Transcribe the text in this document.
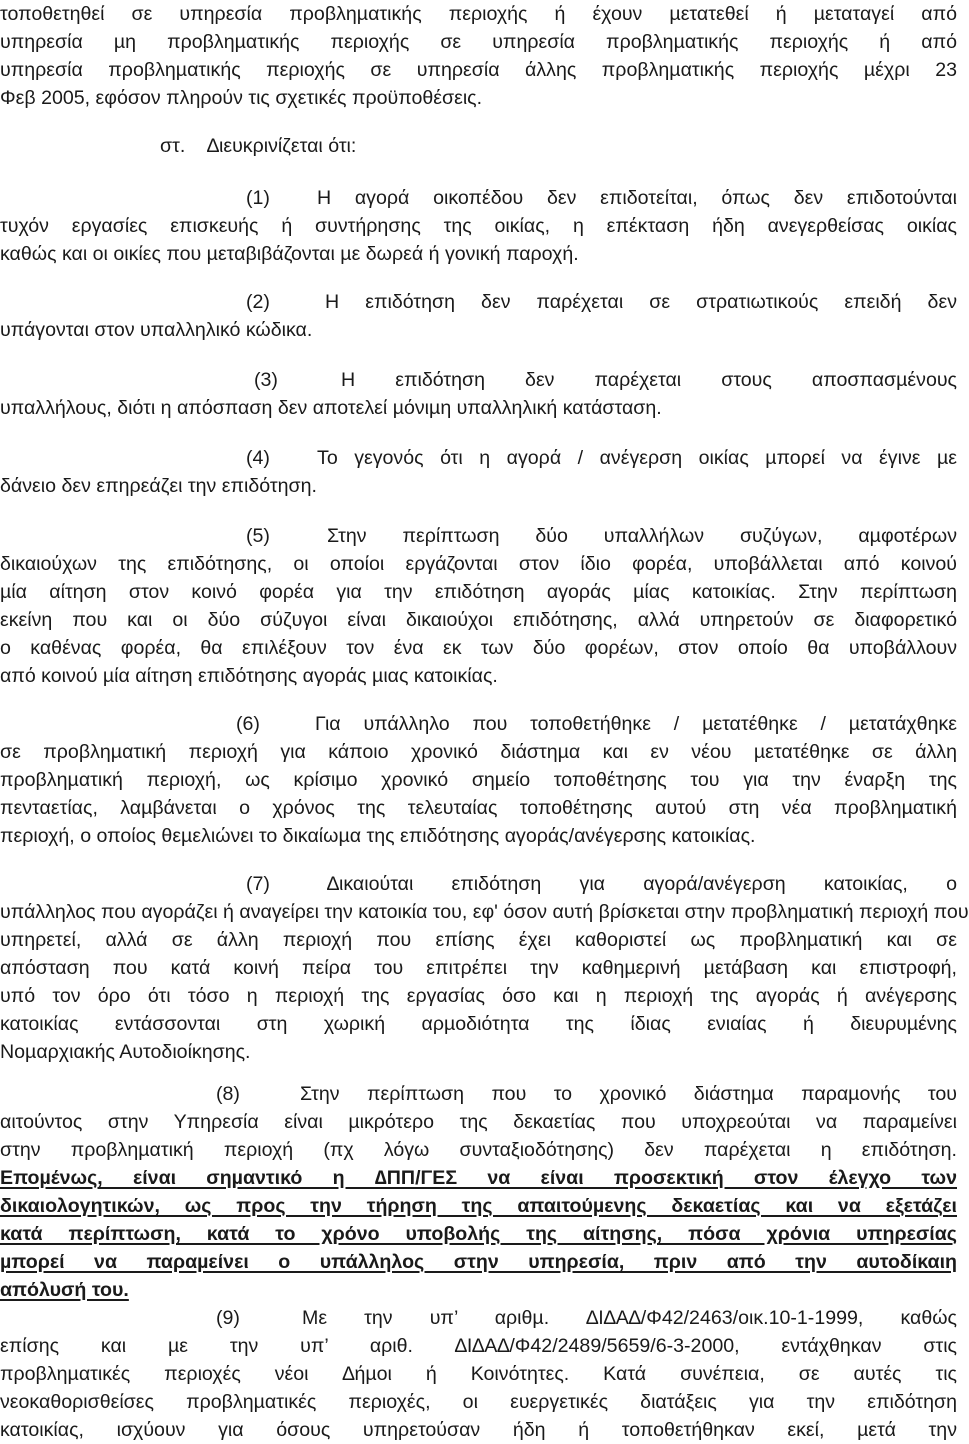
τοποθετηθεί σε υπηρεσία προβληµατικής περιοχής ή έχουν µετατεθεί ή µεταταγεί από
υπηρεσία µη προβληµατικής περιοχής σε υπηρεσία προβληµατικής περιοχής ή από
υπηρεσία προβληµατικής περιοχής σε υπηρεσία άλλης προβληµατικής περιοχής µέχρι 23
Φεβ 2005, εφόσον πληρούν τις σχετικές προϋποθέσεις.
στ. ∆ιευκρινίζεται ότι:
(1) Η αγορά οικοπέδου δεν επιδοτείται, όπως δεν επιδοτούνται
τυχόν εργασίες επισκευής ή συντήρησης της οικίας, η επέκταση ήδη ανεγερθείσας οικίας
καθώς και οι οικίες που µεταβιβάζονται µε δωρεά ή γονική παροχή.
(2)	Η επιδότηση δεν παρέχεται σε στρατιωτικούς επειδή δεν
υπάγονται στον υπαλληλικό κώδικα.
(3)	Η επιδότηση δεν παρέχεται στους αποσπασµένους
υπαλλήλους, διότι η απόσπαση δεν αποτελεί µόνιµη υπαλληλική κατάσταση.
(4) Το γεγονός ότι η αγορά / ανέγερση οικίας µπορεί να έγινε µε
δάνειο δεν επηρεάζει την επιδότηση.
(5)	Στην περίπτωση δύο υπαλλήλων συζύγων, αµφοτέρων
δικαιούχων της επιδότησης, οι οποίοι εργάζονται στον ίδιο φορέα, υποβάλλεται από κοινού
µία αίτηση στον κοινό φορέα για την επιδότηση αγοράς µίας κατοικίας. Στην περίπτωση
εκείνη που και οι δύο σύζυγοι είναι δικαιούχοι επιδότησης, αλλά υπηρετούν σε διαφορετικό
ο καθένας φορέα, θα επιλέξουν τον ένα εκ των δύο φορέων, στον οποίο θα υποβάλλουν
από κοινού µία αίτηση επιδότησης αγοράς µιας κατοικίας.
(6)	Για υπάλληλο που τοποθετήθηκε / µετατέθηκε / µετατάχθηκε
σε προβληµατική περιοχή για κάποιο χρονικό διάστηµα και εν νέου µετατέθηκε σε άλλη
προβληµατική περιοχή, ως κρίσιµο χρονικό σηµείο τοποθέτησης του για την έναρξη της
πενταετίας, λαµβάνεται ο χρόνος της τελευταίας τοποθέτησης αυτού στη νέα προβληµατική
περιοχή, ο οποίος θεµελιώνει το δικαίωµα της επιδότησης αγοράς/ανέγερσης κατοικίας.
(7)	∆ικαιούται επιδότηση για αγορά/ανέγερση κατοικίας, ο
υπάλληλος που αγοράζει ή αναγείρει την κατοικία του, εφ' όσον αυτή βρίσκεται στην προβληµατική περιοχή που
υπηρετεί, αλλά σε άλλη περιοχή που επίσης έχει καθοριστεί ως προβληµατική και σε
απόσταση που κατά κοινή πείρα του επιτρέπει την καθηµερινή µετάβαση και επιστροφή,
υπό τον όρο ότι τόσο η περιοχή της εργασίας όσο και η περιοχή της αγοράς ή ανέγερσης
κατοικίας εντάσσονται στη χωρική αρµοδιότητα της ίδιας ενιαίας ή διευρυµένης
Νοµαρχιακής Αυτοδιοίκησης.
(8)	Στην περίπτωση που το χρονικό διάστηµα παραµονής του
αιτούντος στην Υπηρεσία είναι µικρότερο της δεκαετίας που υποχρεούται να παραµείνει
στην προβληµατική περιοχή (πχ λόγω συνταξιοδότησης) δεν παρέχεται η επιδότηση.
Εποµένως, είναι σηµαντικό η ∆ΠΠ/ΓΕΣ να είναι προσεκτική στον έλεγχο των
δικαιολογητικών, ως προς την τήρηση της απαιτούµενης δεκαετίας και να εξετάζει
κατά περίπτωση, κατά το χρόνο υποβολής της αίτησης, πόσα χρόνια υπηρεσίας
µπορεί να παραµείνει ο υπάλληλος στην υπηρεσία, πριν από την αυτοδίκαιη
απόλυσή του.
(9)	Με την υπ’ αριθµ. ∆Ι∆Α∆/Φ42/2463/οικ.10-1-1999, καθώς
επίσης και µε την υπ’ αριθ. ∆Ι∆Α∆/Φ42/2489/5659/6-3-2000, εντάχθηκαν στις
προβληµατικές περιοχές νέοι ∆ήµοι ή Κοινότητες. Κατά συνέπεια, σε αυτές τις
νεοκαθορισθείσες προβληµατικές περιοχές, οι ευεργετικές διατάξεις για την επιδότηση
κατοικίας, ισχύουν για όσους υπηρετούσαν ήδη ή τοποθετήθηκαν εκεί, µετά την
